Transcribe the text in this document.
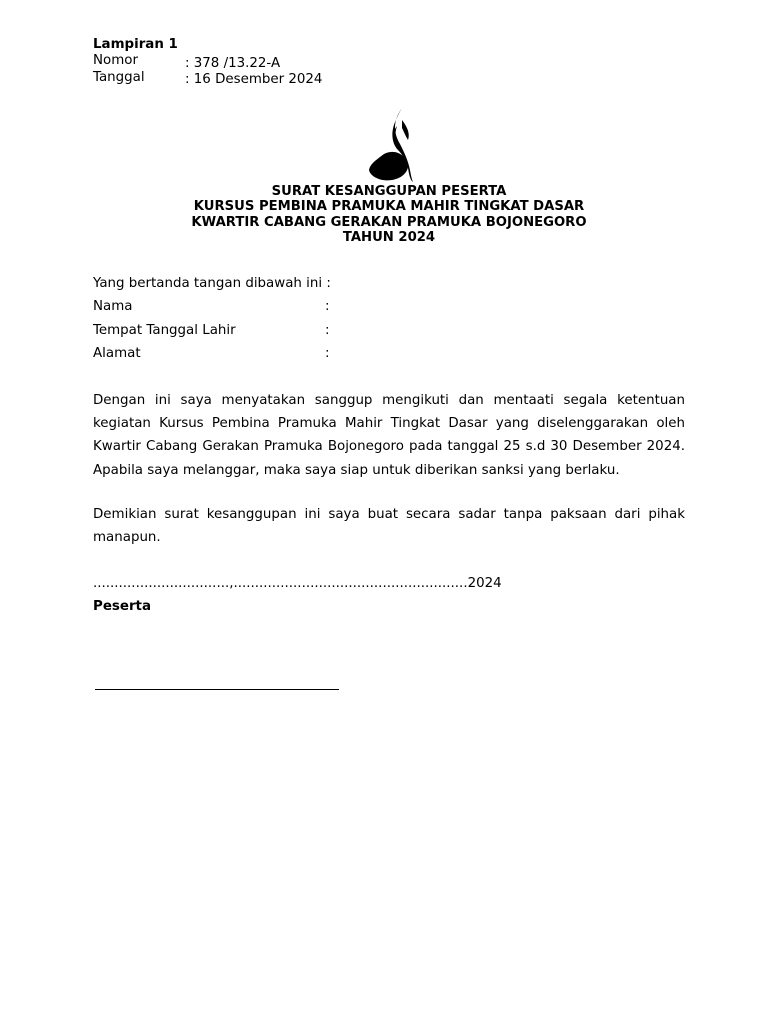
Lampiran 1
Nomor	: 378 /13.22-A
Tanggal	: 16 Desember 2024
SURAT KESANGGUPAN PESERTA
KURSUS PEMBINA PRAMUKA MAHIR TINGKAT DASAR
KWARTIR CABANG GERAKAN PRAMUKA BOJONEGORO
TAHUN 2024
Yang bertanda tangan dibawah ini :
Nama	:
Tempat Tanggal Lahir	:
Alamat	:
Dengan ini saya menyatakan sanggup mengikuti dan mentaati segala ketentuan kegiatan Kursus Pembina Pramuka Mahir Tingkat Dasar yang diselenggarakan oleh Kwartir Cabang Gerakan Pramuka Bojonegoro pada tanggal 25 s.d 30 Desember 2024. Apabila saya melanggar, maka saya siap untuk diberikan sanksi yang berlaku.
Demikian surat kesanggupan ini saya buat secara sadar tanpa paksaan dari pihak manapun.
................................,.......................................................2024
Peserta
